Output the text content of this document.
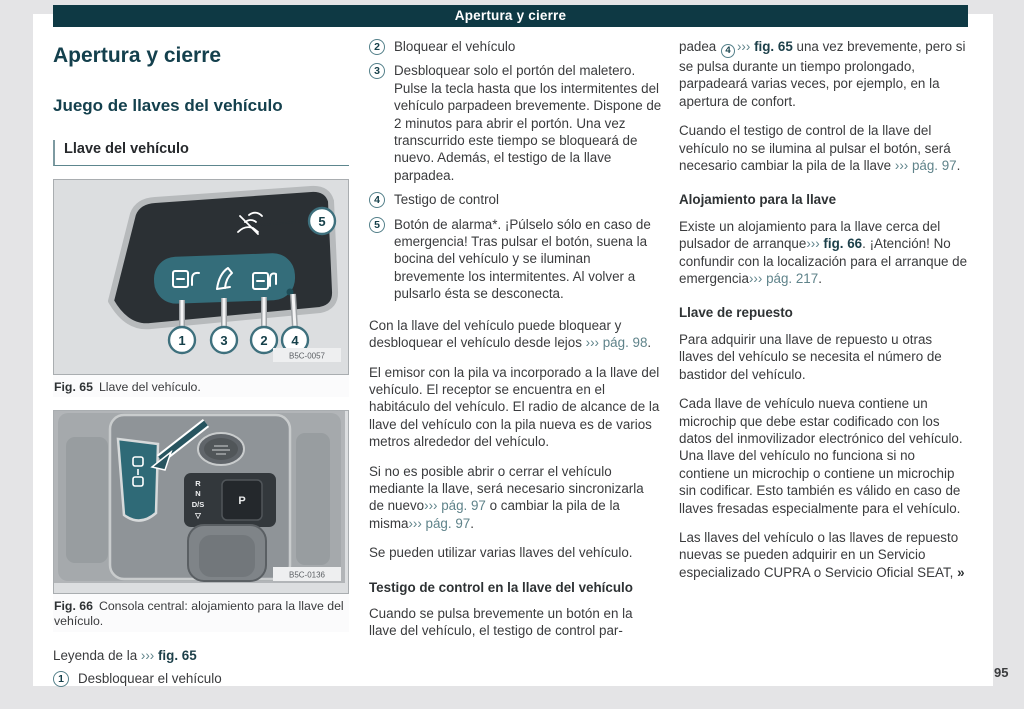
Apertura y cierre
Apertura y cierre
Juego de llaves del vehículo
Llave del vehículo
1	3	2 4
5
B5C-0057
Fig. 65 Llave del vehículo.
R
N
D/S
▽
P
B5C-0136
Fig. 66 Consola central: alojamiento para la llave del vehículo.
Leyenda de la ››› fig. 65
1	Desbloquear el vehículo
2	Bloquear el vehículo
3	Desbloquear solo el portón del maletero. Pulse la tecla hasta que los intermitentes del vehículo parpadeen brevemente. Dispone de 2 minutos para abrir el portón. Una vez transcurrido este tiempo se bloqueará de nuevo. Además, el testigo de la llave parpadea.
4	Testigo de control
5	Botón de alarma*. ¡Púlselo sólo en caso de emergencia! Tras pulsar el botón, suena la bocina del vehículo y se iluminan brevemente los intermitentes. Al volver a pulsarlo ésta se desconecta.
Con la llave del vehículo puede bloquear y desbloquear el vehículo desde lejos ››› pág. 98.
El emisor con la pila va incorporado a la llave del vehículo. El receptor se encuentra en el habitáculo del vehículo. El radio de alcance de la llave del vehículo con la pila nueva es de varios metros alrededor del vehículo.
Si no es posible abrir o cerrar el vehículo mediante la llave, será necesario sincronizarla de nuevo››› pág. 97 o cambiar la pila de la misma››› pág. 97.
Se pueden utilizar varias llaves del vehículo.
Testigo de control en la llave del vehículo
Cuando se pulsa brevemente un botón en la llave del vehículo, el testigo de control par-
padea 4 ››› fig. 65 una vez brevemente, pero si se pulsa durante un tiempo prolongado, parpadeará varias veces, por ejemplo, en la apertura de confort.
Cuando el testigo de control de la llave del vehículo no se ilumina al pulsar el botón, será necesario cambiar la pila de la llave ››› pág. 97.
Alojamiento para la llave
Existe un alojamiento para la llave cerca del pulsador de arranque››› fig. 66. ¡Atención! No confundir con la localización para el arranque de emergencia››› pág. 217.
Llave de repuesto
Para adquirir una llave de repuesto u otras llaves del vehículo se necesita el número de bastidor del vehículo.
Cada llave de vehículo nueva contiene un microchip que debe estar codificado con los datos del inmovilizador electrónico del vehículo. Una llave del vehículo no funciona si no contiene un microchip o contiene un microchip sin codificar. Esto también es válido en caso de llaves fresadas especialmente para el vehículo.
Las llaves del vehículo o las llaves de repuesto nuevas se pueden adquirir en un Servicio especializado CUPRA o Servicio Oficial SEAT, »
95
